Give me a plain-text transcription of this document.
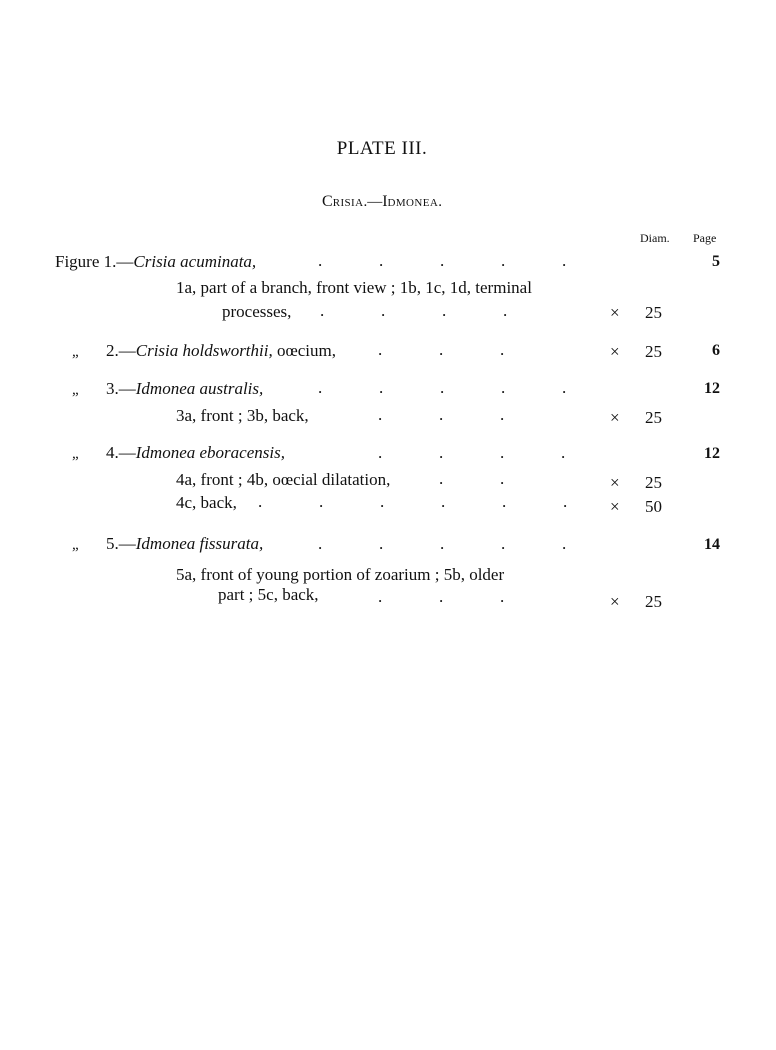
PLATE III.
Crisia.—Idmonea.
Diam. Page
Figure 1.—Crisia acuminata,	.	.	.	.	.	5
1a, part of a branch, front view ; 1b, 1c, 1d, terminal
processes, .	.	.	.	× 25
„ 2.—Crisia holdsworthii, oœcium, .	.	.	× 25	6
„ 3.—Idmonea australis,	.	.	.	.	.	12
3a, front ; 3b, back,	.	.	.	× 25
„ 4.—Idmonea eboracensis,	.	.	.	.	12
4a, front ; 4b, oœcial dilatation,	.	.	× 25
4c, back, .	.	.	.	.	.	× 50
„ 5.—Idmonea fissurata,	.	.	.	.	.	14
5a, front of young portion of zoarium ; 5b, older
part ; 5c, back,	.	.	.	× 25
